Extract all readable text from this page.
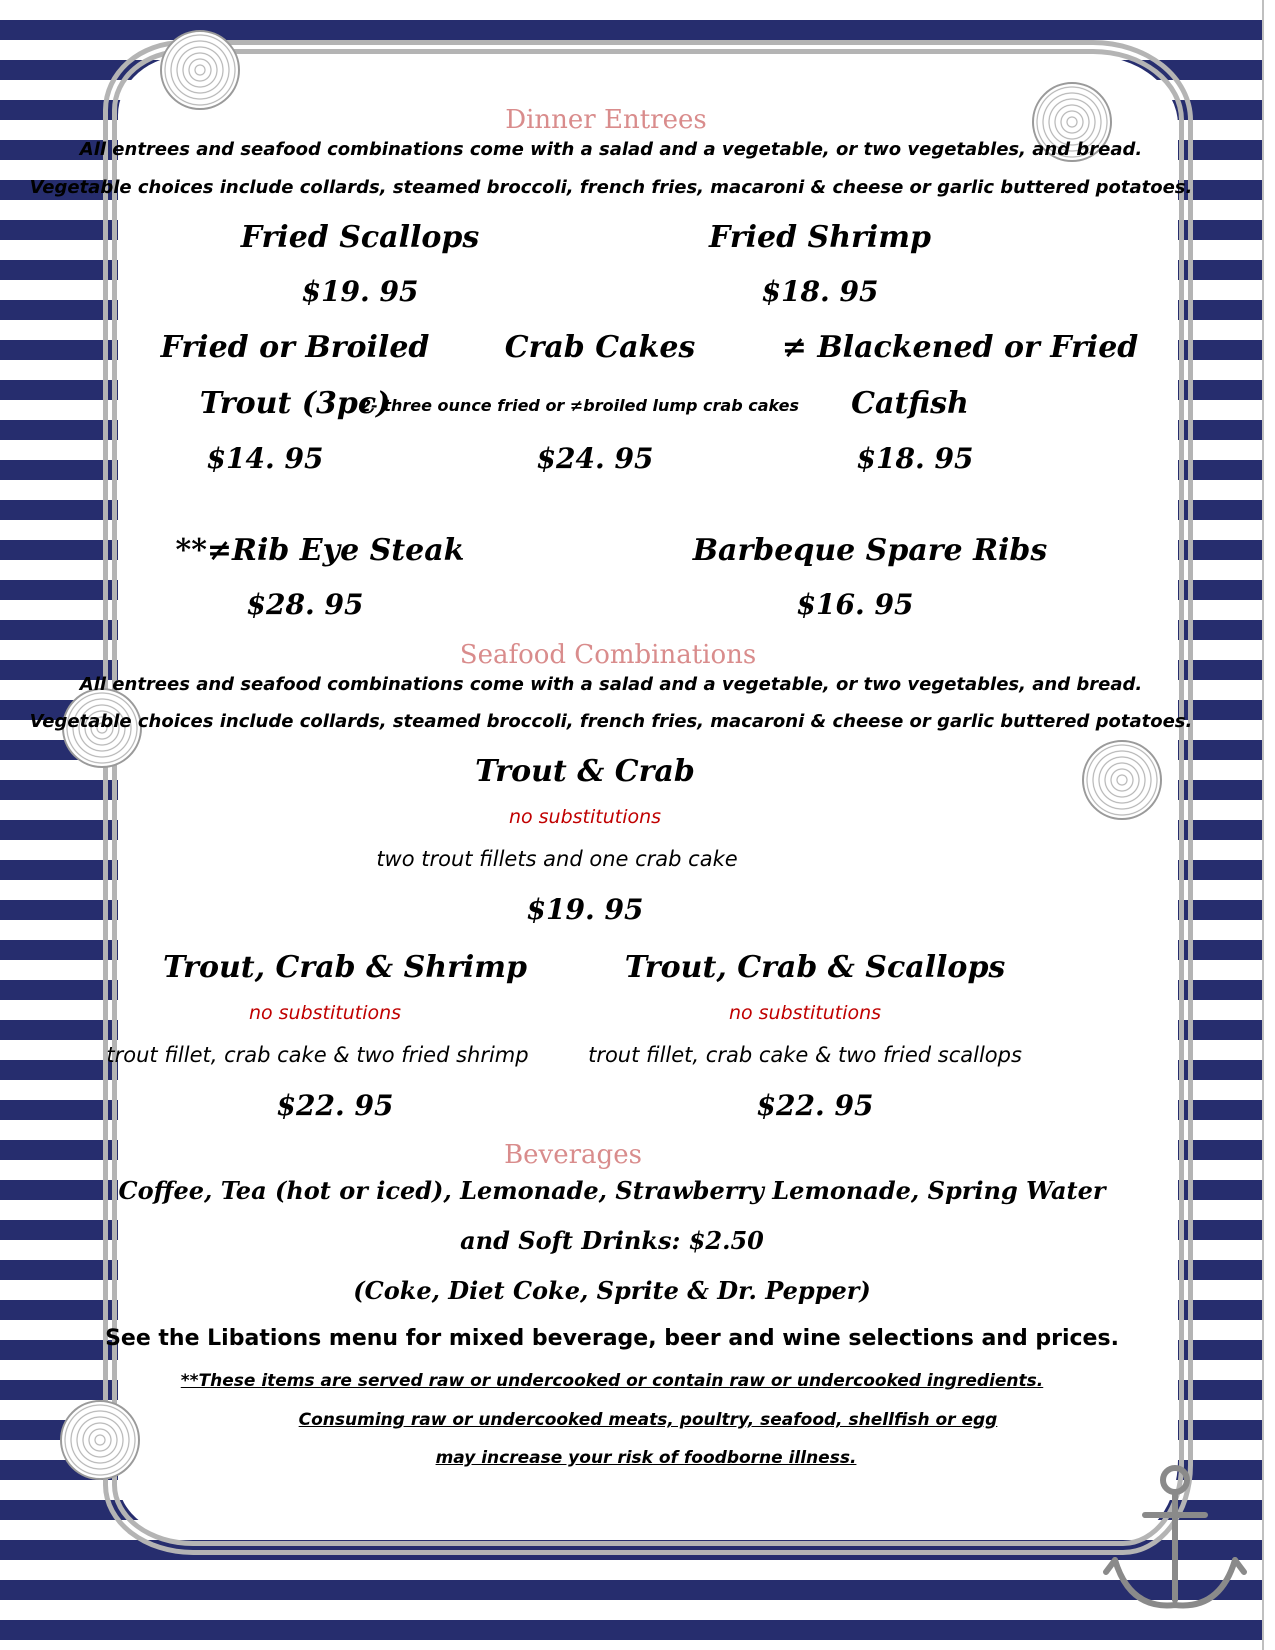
Dinner Entrees
All entrees and seafood combinations come with a salad and a vegetable, or two vegetables, and bread.
Vegetable choices include collards, steamed broccoli, french fries, macaroni & cheese or garlic buttered potatoes.
Fried Scallops
$19. 95
Fried Shrimp
$18. 95
Fried or Broiled
Trout (3pc)
$14. 95
Crab Cakes
2- three ounce fried or ≠broiled lump crab cakes
$24. 95
≠ Blackened or Fried
Catfish
$18. 95
**≠Rib Eye Steak
$28. 95
Barbeque Spare Ribs
$16. 95
Seafood Combinations
All entrees and seafood combinations come with a salad and a vegetable, or two vegetables, and bread.
Vegetable choices include collards, steamed broccoli, french fries, macaroni & cheese or garlic buttered potatoes.
Trout & Crab
no substitutions
two trout fillets and one crab cake
$19. 95
Trout, Crab & Shrimp
no substitutions
trout fillet, crab cake & two fried shrimp
$22. 95
Trout, Crab & Scallops
no substitutions
trout fillet, crab cake & two fried scallops
$22. 95
Beverages
Coffee, Tea (hot or iced), Lemonade, Strawberry Lemonade, Spring Water
and Soft Drinks: $2.50
(Coke, Diet Coke, Sprite & Dr. Pepper)
See the Libations menu for mixed beverage, beer and wine selections and prices.
**These items are served raw or undercooked or contain raw or undercooked ingredients.
Consuming raw or undercooked meats, poultry, seafood, shellfish or egg
may increase your risk of foodborne illness.
